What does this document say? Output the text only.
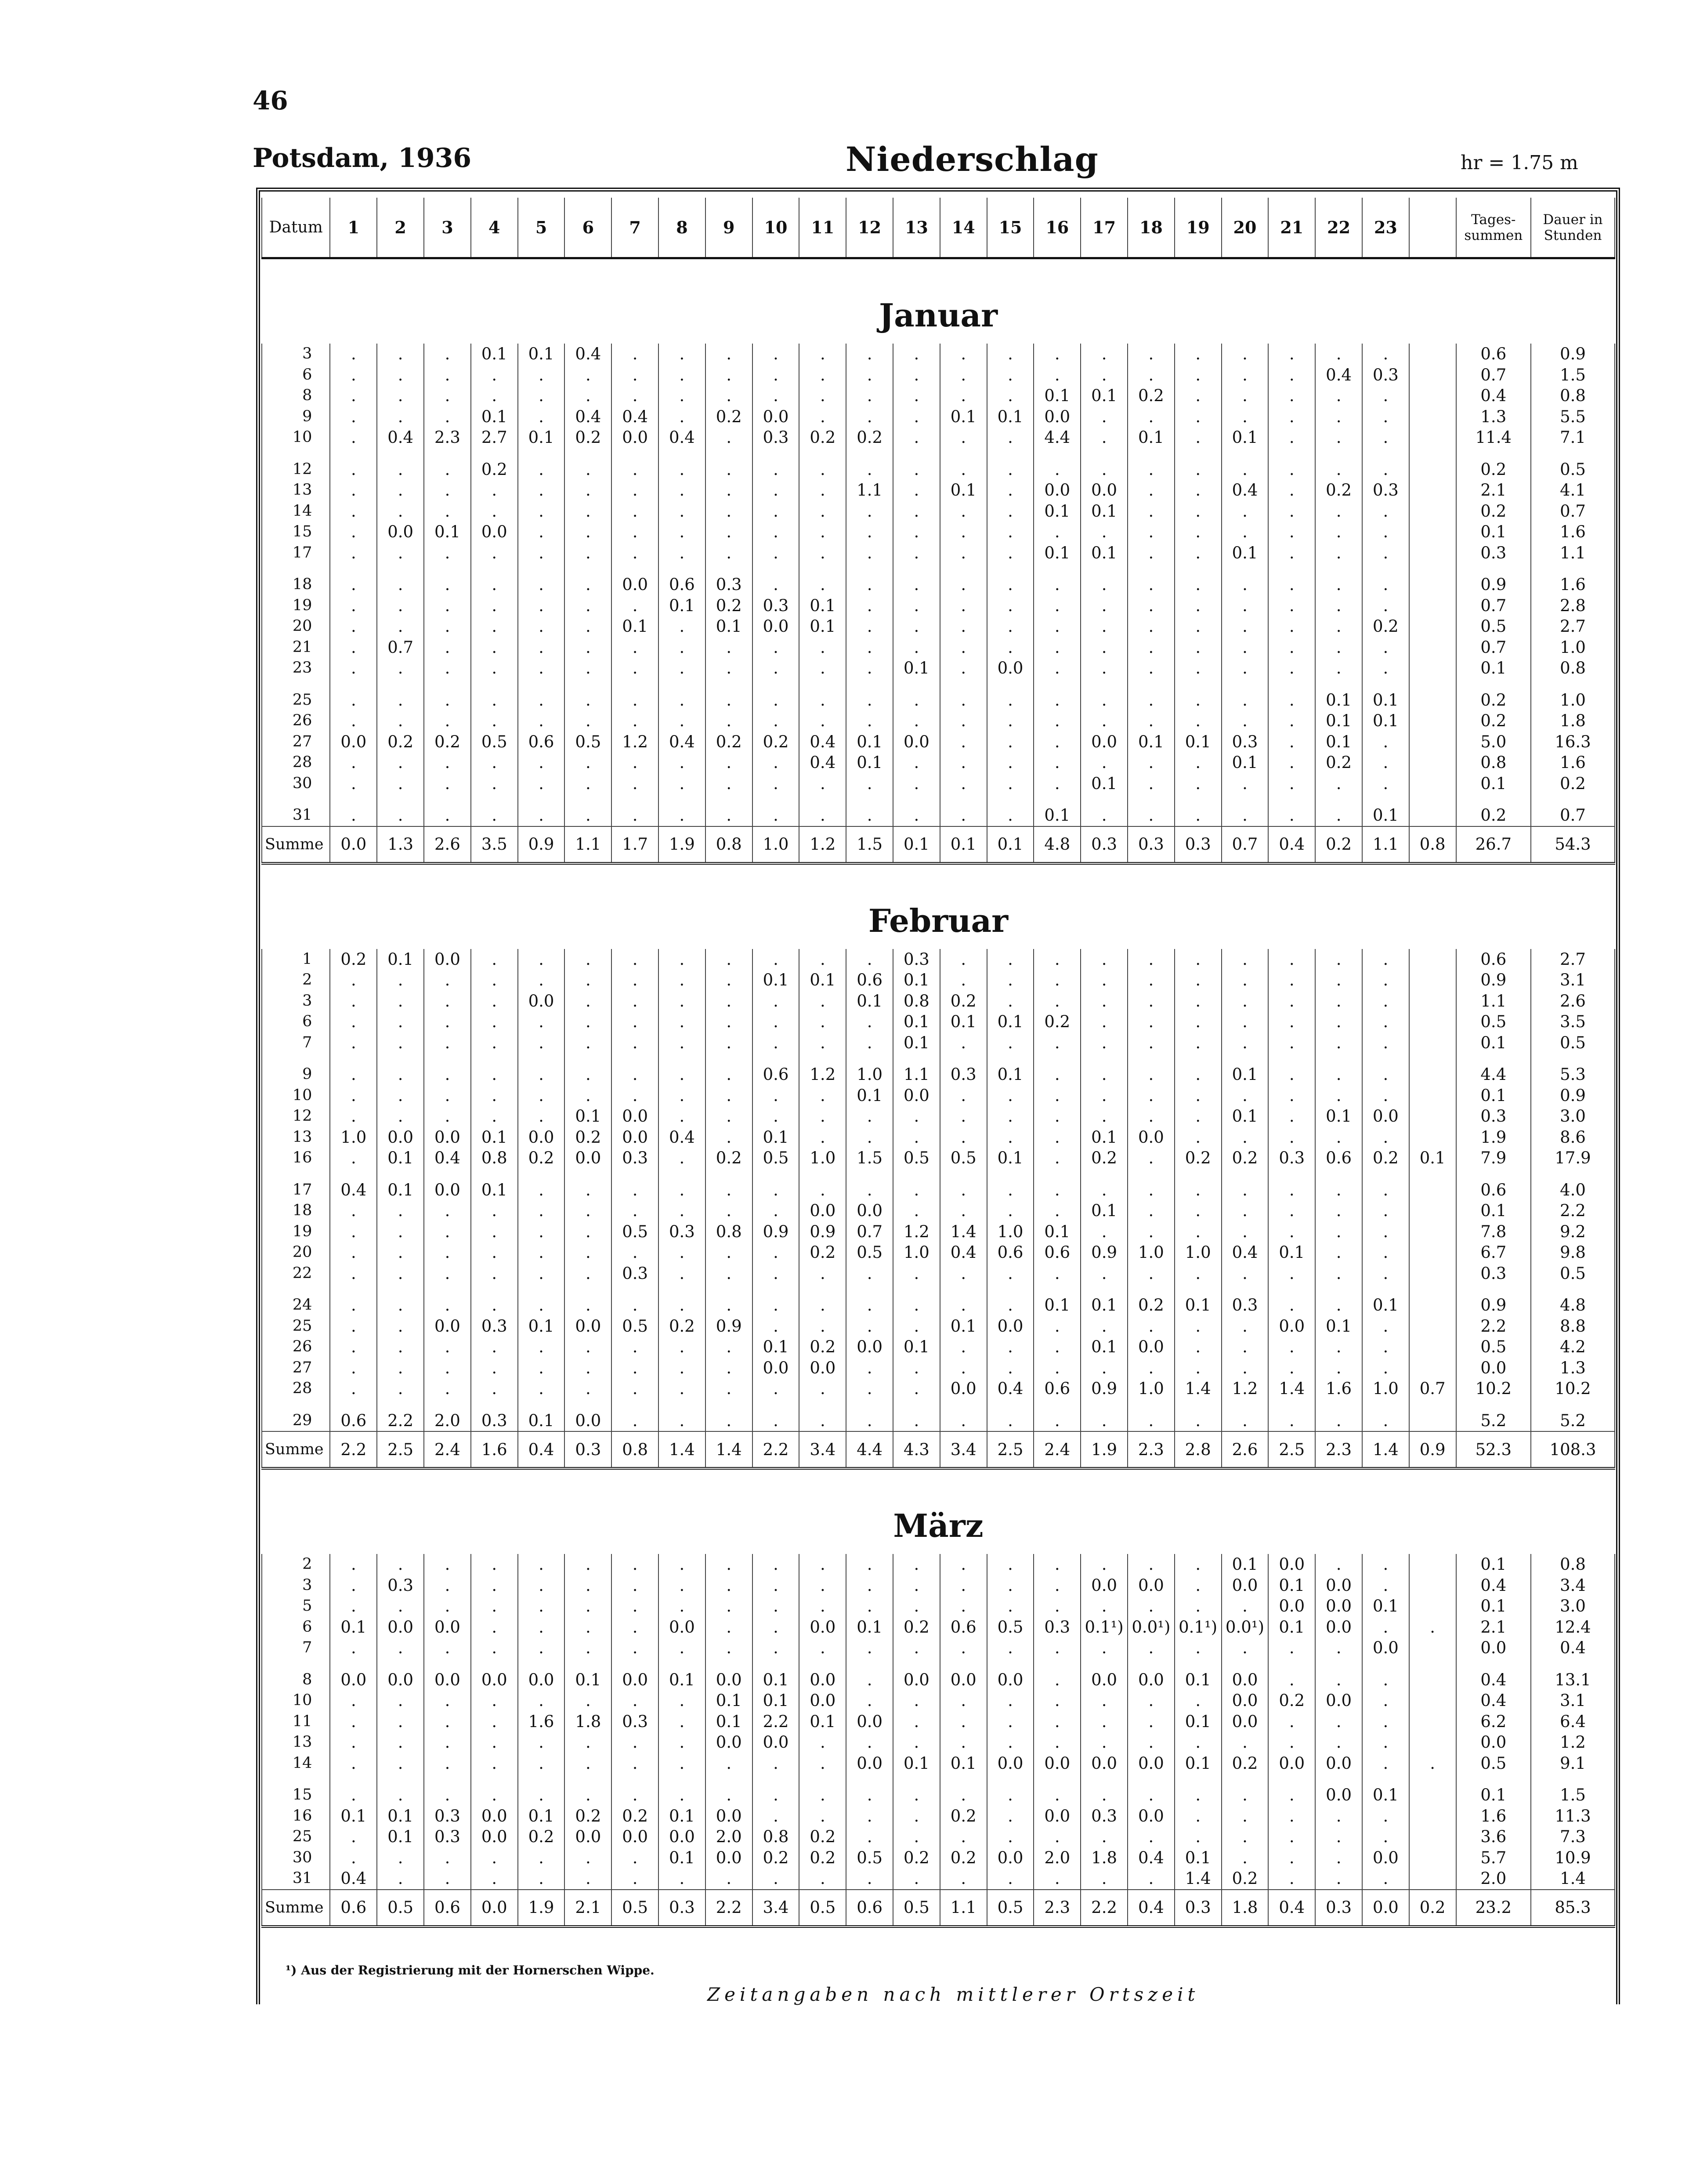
46
Potsdam, 1936	Niederschlag	hr = 1.75 m
Datum	1	2	3	4	5	6	7	8	9	10	11	12	13	14	15	16	17	18	19	20	21	22	23		Tages-summen	Dauer in Stunden
Januar																										
3	.	.	.	0.1	0.1	0.4	.	.	.	.	.	.	.	.	.	.	.	.	.	.	.	.	.		0.6	0.9
6	.	.	.	.	.	.	.	.	.	.	.	.	.	.	.	.	.	.	.	.	.	0.4	0.3		0.7	1.5
8	.	.	.	.	.	.	.	.	.	.	.	.	.	.	.	0.1	0.1	0.2	.	.	.	.	.		0.4	0.8
9	.	.	.	0.1	.	0.4	0.4	.	0.2	0.0	.	.	.	0.1	0.1	0.0	.	.	.	.	.	.	.		1.3	5.5
10	.	0.4	2.3	2.7	0.1	0.2	0.0	0.4	.	0.3	0.2	0.2	.	.	.	4.4	.	0.1	.	0.1	.	.	.		11.4	7.1

12	.	.	.	0.2	.	.	.	.	.	.	.	.	.	.	.	.	.	.	.	.	.	.	.		0.2	0.5
13	.	.	.	.	.	.	.	.	.	.	.	1.1	.	0.1	.	0.0	0.0	.	.	0.4	.	0.2	0.3		2.1	4.1
14	.	.	.	.	.	.	.	.	.	.	.	.	.	.	.	0.1	0.1	.	.	.	.	.	.		0.2	0.7
15	.	0.0	0.1	0.0	.	.	.	.	.	.	.	.	.	.	.	.	.	.	.	.	.	.	.		0.1	1.6
17	.	.	.	.	.	.	.	.	.	.	.	.	.	.	.	0.1	0.1	.	.	0.1	.	.	.		0.3	1.1

18	.	.	.	.	.	.	0.0	0.6	0.3	.	.	.	.	.	.	.	.	.	.	.	.	.	.		0.9	1.6
19	.	.	.	.	.	.	.	0.1	0.2	0.3	0.1	.	.	.	.	.	.	.	.	.	.	.	.		0.7	2.8
20	.	.	.	.	.	.	0.1	.	0.1	0.0	0.1	.	.	.	.	.	.	.	.	.	.	.	0.2		0.5	2.7
21	.	0.7	.	.	.	.	.	.	.	.	.	.	.	.	.	.	.	.	.	.	.	.	.		0.7	1.0
23	.	.	.	.	.	.	.	.	.	.	.	.	0.1	.	0.0	.	.	.	.	.	.	.	.		0.1	0.8

25	.	.	.	.	.	.	.	.	.	.	.	.	.	.	.	.	.	.	.	.	.	0.1	0.1		0.2	1.0
26	.	.	.	.	.	.	.	.	.	.	.	.	.	.	.	.	.	.	.	.	.	0.1	0.1		0.2	1.8
27	0.0	0.2	0.2	0.5	0.6	0.5	1.2	0.4	0.2	0.2	0.4	0.1	0.0	.	.	.	0.0	0.1	0.1	0.3	.	0.1	.		5.0	16.3
28	.	.	.	.	.	.	.	.	.	.	0.4	0.1	.	.	.	.	.	.	.	0.1	.	0.2	.		0.8	1.6
30	.	.	.	.	.	.	.	.	.	.	.	.	.	.	.	.	0.1	.	.	.	.	.	.		0.1	0.2

31	.	.	.	.	.	.	.	.	.	.	.	.	.	.	.	0.1	.	.	.	.	.	.	0.1		0.2	0.7
Summe	0.0	1.3	2.6	3.5	0.9	1.1	1.7	1.9	0.8	1.0	1.2	1.5	0.1	0.1	0.1	4.8	0.3	0.3	0.3	0.7	0.4	0.2	1.1	0.8	26.7	54.3
Februar																										
1	0.2	0.1	0.0	.	.	.	.	.	.	.	.	.	0.3	.	.	.	.	.	.	.	.	.	.		0.6	2.7
2	.	.	.	.	.	.	.	.	.	0.1	0.1	0.6	0.1	.	.	.	.	.	.	.	.	.	.		0.9	3.1
3	.	.	.	.	0.0	.	.	.	.	.	.	0.1	0.8	0.2	.	.	.	.	.	.	.	.	.		1.1	2.6
6	.	.	.	.	.	.	.	.	.	.	.	.	0.1	0.1	0.1	0.2	.	.	.	.	.	.	.		0.5	3.5
7	.	.	.	.	.	.	.	.	.	.	.	.	0.1	.	.	.	.	.	.	.	.	.	.		0.1	0.5

9	.	.	.	.	.	.	.	.	.	0.6	1.2	1.0	1.1	0.3	0.1	.	.	.	.	0.1	.	.	.		4.4	5.3
10	.	.	.	.	.	.	.	.	.	.	.	0.1	0.0	.	.	.	.	.	.	.	.	.	.		0.1	0.9
12	.	.	.	.	.	0.1	0.0	.	.	.	.	.	.	.	.	.	.	.	.	0.1	.	0.1	0.0		0.3	3.0
13	1.0	0.0	0.0	0.1	0.0	0.2	0.0	0.4	.	0.1	.	.	.	.	.	.	0.1	0.0	.	.	.	.	.		1.9	8.6
16	.	0.1	0.4	0.8	0.2	0.0	0.3	.	0.2	0.5	1.0	1.5	0.5	0.5	0.1	.	0.2	.	0.2	0.2	0.3	0.6	0.2	0.1	7.9	17.9

17	0.4	0.1	0.0	0.1	.	.	.	.	.	.	.	.	.	.	.	.	.	.	.	.	.	.	.		0.6	4.0
18	.	.	.	.	.	.	.	.	.	.	0.0	0.0	.	.	.	.	0.1	.	.	.	.	.	.		0.1	2.2
19	.	.	.	.	.	.	0.5	0.3	0.8	0.9	0.9	0.7	1.2	1.4	1.0	0.1	.	.	.	.	.	.	.		7.8	9.2
20	.	.	.	.	.	.	.	.	.	.	0.2	0.5	1.0	0.4	0.6	0.6	0.9	1.0	1.0	0.4	0.1	.	.		6.7	9.8
22	.	.	.	.	.	.	0.3	.	.	.	.	.	.	.	.	.	.	.	.	.	.	.	.		0.3	0.5

24	.	.	.	.	.	.	.	.	.	.	.	.	.	.	.	0.1	0.1	0.2	0.1	0.3	.	.	0.1		0.9	4.8
25	.	.	0.0	0.3	0.1	0.0	0.5	0.2	0.9	.	.	.	.	0.1	0.0	.	.	.	.	.	0.0	0.1	.		2.2	8.8
26	.	.	.	.	.	.	.	.	.	0.1	0.2	0.0	0.1	.	.	.	0.1	0.0	.	.	.	.	.		0.5	4.2
27	.	.	.	.	.	.	.	.	.	0.0	0.0	.	.	.	.	.	.	.	.	.	.	.	.		0.0	1.3
28	.	.	.	.	.	.	.	.	.	.	.	.	.	0.0	0.4	0.6	0.9	1.0	1.4	1.2	1.4	1.6	1.0	0.7	10.2	10.2

29	0.6	2.2	2.0	0.3	0.1	0.0	.	.	.	.	.	.	.	.	.	.	.	.	.	.	.	.	.		5.2	5.2
Summe	2.2	2.5	2.4	1.6	0.4	0.3	0.8	1.4	1.4	2.2	3.4	4.4	4.3	3.4	2.5	2.4	1.9	2.3	2.8	2.6	2.5	2.3	1.4	0.9	52.3	108.3
März																										
2	.	.	.	.	.	.	.	.	.	.	.	.	.	.	.	.	.	.	.	0.1	0.0	.	.		0.1	0.8
3	.	0.3	.	.	.	.	.	.	.	.	.	.	.	.	.	.	0.0	0.0	.	0.0	0.1	0.0	.		0.4	3.4
5	.	.	.	.	.	.	.	.	.	.	.	.	.	.	.	.	.	.	.	.	0.0	0.0	0.1		0.1	3.0
6	0.1	0.0	0.0	.	.	.	.	0.0	.	.	0.0	0.1	0.2	0.6	0.5	0.3	0.1¹)	0.0¹)	0.1¹)	0.0¹)	0.1	0.0	.	.	2.1	12.4
7	.	.	.	.	.	.	.	.	.	.	.	.	.	.	.	.	.	.	.	.	.	.	0.0		0.0	0.4

8	0.0	0.0	0.0	0.0	0.0	0.1	0.0	0.1	0.0	0.1	0.0	.	0.0	0.0	0.0	.	0.0	0.0	0.1	0.0	.	.	.		0.4	13.1
10	.	.	.	.	.	.	.	.	0.1	0.1	0.0	.	.	.	.	.	.	.	.	0.0	0.2	0.0	.		0.4	3.1
11	.	.	.	.	1.6	1.8	0.3	.	0.1	2.2	0.1	0.0	.	.	.	.	.	.	0.1	0.0	.	.	.		6.2	6.4
13	.	.	.	.	.	.	.	.	0.0	0.0	.	.	.	.	.	.	.	.	.	.	.	.	.		0.0	1.2
14	.	.	.	.	.	.	.	.	.	.	.	0.0	0.1	0.1	0.0	0.0	0.0	0.0	0.1	0.2	0.0	0.0	.	.	0.5	9.1

15	.	.	.	.	.	.	.	.	.	.	.	.	.	.	.	.	.	.	.	.	.	0.0	0.1		0.1	1.5
16	0.1	0.1	0.3	0.0	0.1	0.2	0.2	0.1	0.0	.	.	.	.	0.2	.	0.0	0.3	0.0	.	.	.	.	.		1.6	11.3
25	.	0.1	0.3	0.0	0.2	0.0	0.0	0.0	2.0	0.8	0.2	.	.	.	.	.	.	.	.	.	.	.	.		3.6	7.3
30	.	.	.	.	.	.	.	0.1	0.0	0.2	0.2	0.5	0.2	0.2	0.0	2.0	1.8	0.4	0.1	.	.	.	0.0		5.7	10.9
31	0.4	.	.	.	.	.	.	.	.	.	.	.	.	.	.	.	.	.	1.4	0.2	.	.	.		2.0	1.4
Summe	0.6	0.5	0.6	0.0	1.9	2.1	0.5	0.3	2.2	3.4	0.5	0.6	0.5	1.1	0.5	2.3	2.2	0.4	0.3	1.8	0.4	0.3	0.0	0.2	23.2	85.3
¹) Aus der Registrierung mit der Hornerschen Wippe.
Zeitangaben nach mittlerer Ortszeit
